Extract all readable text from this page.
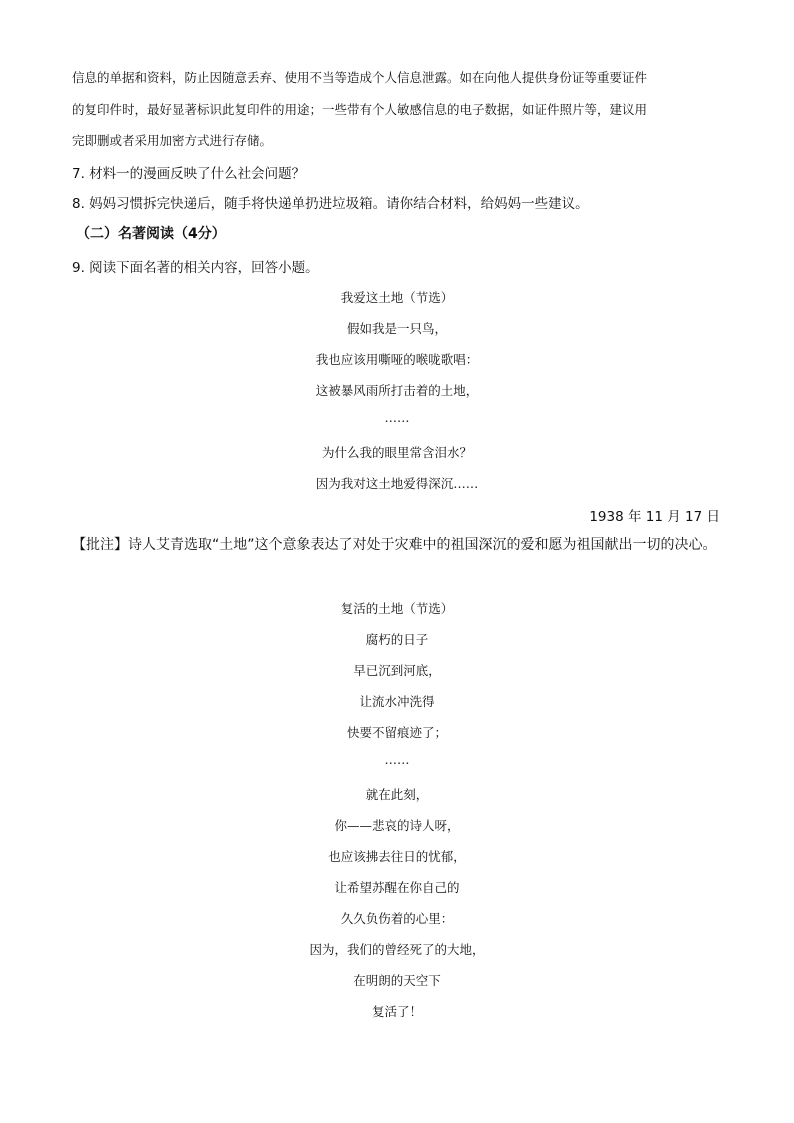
信息的单据和资料，防止因随意丢弃、使用不当等造成个人信息泄露。如在向他人提供身份证等重要证件
的复印件时，最好显著标识此复印件的用途；一些带有个人敏感信息的电子数据，如证件照片等，建议用
完即删或者采用加密方式进行存储。
7. 材料一的漫画反映了什么社会问题？
8. 妈妈习惯拆完快递后，随手将快递单扔进垃圾箱。请你结合材料，给妈妈一些建议。
（二）名著阅读（4分）
9. 阅读下面名著的相关内容，回答小题。
我爱这土地（节选）
假如我是一只鸟，
我也应该用嘶哑的喉咙歌唱：
这被暴风雨所打击着的土地，
……
为什么我的眼里常含泪水？
因为我对这土地爱得深沉……
1938 年 11 月 17 日
【批注】诗人艾青选取“土地”这个意象表达了对处于灾难中的祖国深沉的爱和愿为祖国献出一切的决心。
复活的土地（节选）
腐朽的日子
早已沉到河底，
让流水冲洗得
快要不留痕迹了；
……
就在此刻，
你——悲哀的诗人呀，
也应该拂去往日的忧郁，
让希望苏醒在你自己的
久久负伤着的心里：
因为，我们的曾经死了的大地，
在明朗的天空下
复活了！
